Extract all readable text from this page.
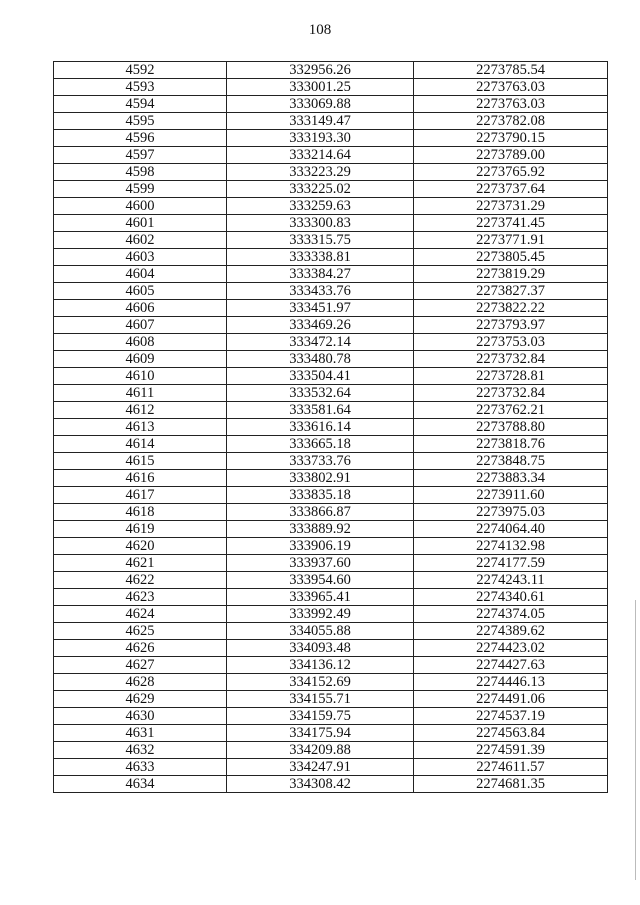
108
4592	332956.26	2273785.54
4593	333001.25	2273763.03
4594	333069.88	2273763.03
4595	333149.47	2273782.08
4596	333193.30	2273790.15
4597	333214.64	2273789.00
4598	333223.29	2273765.92
4599	333225.02	2273737.64
4600	333259.63	2273731.29
4601	333300.83	2273741.45
4602	333315.75	2273771.91
4603	333338.81	2273805.45
4604	333384.27	2273819.29
4605	333433.76	2273827.37
4606	333451.97	2273822.22
4607	333469.26	2273793.97
4608	333472.14	2273753.03
4609	333480.78	2273732.84
4610	333504.41	2273728.81
4611	333532.64	2273732.84
4612	333581.64	2273762.21
4613	333616.14	2273788.80
4614	333665.18	2273818.76
4615	333733.76	2273848.75
4616	333802.91	2273883.34
4617	333835.18	2273911.60
4618	333866.87	2273975.03
4619	333889.92	2274064.40
4620	333906.19	2274132.98
4621	333937.60	2274177.59
4622	333954.60	2274243.11
4623	333965.41	2274340.61
4624	333992.49	2274374.05
4625	334055.88	2274389.62
4626	334093.48	2274423.02
4627	334136.12	2274427.63
4628	334152.69	2274446.13
4629	334155.71	2274491.06
4630	334159.75	2274537.19
4631	334175.94	2274563.84
4632	334209.88	2274591.39
4633	334247.91	2274611.57
4634	334308.42	2274681.35
